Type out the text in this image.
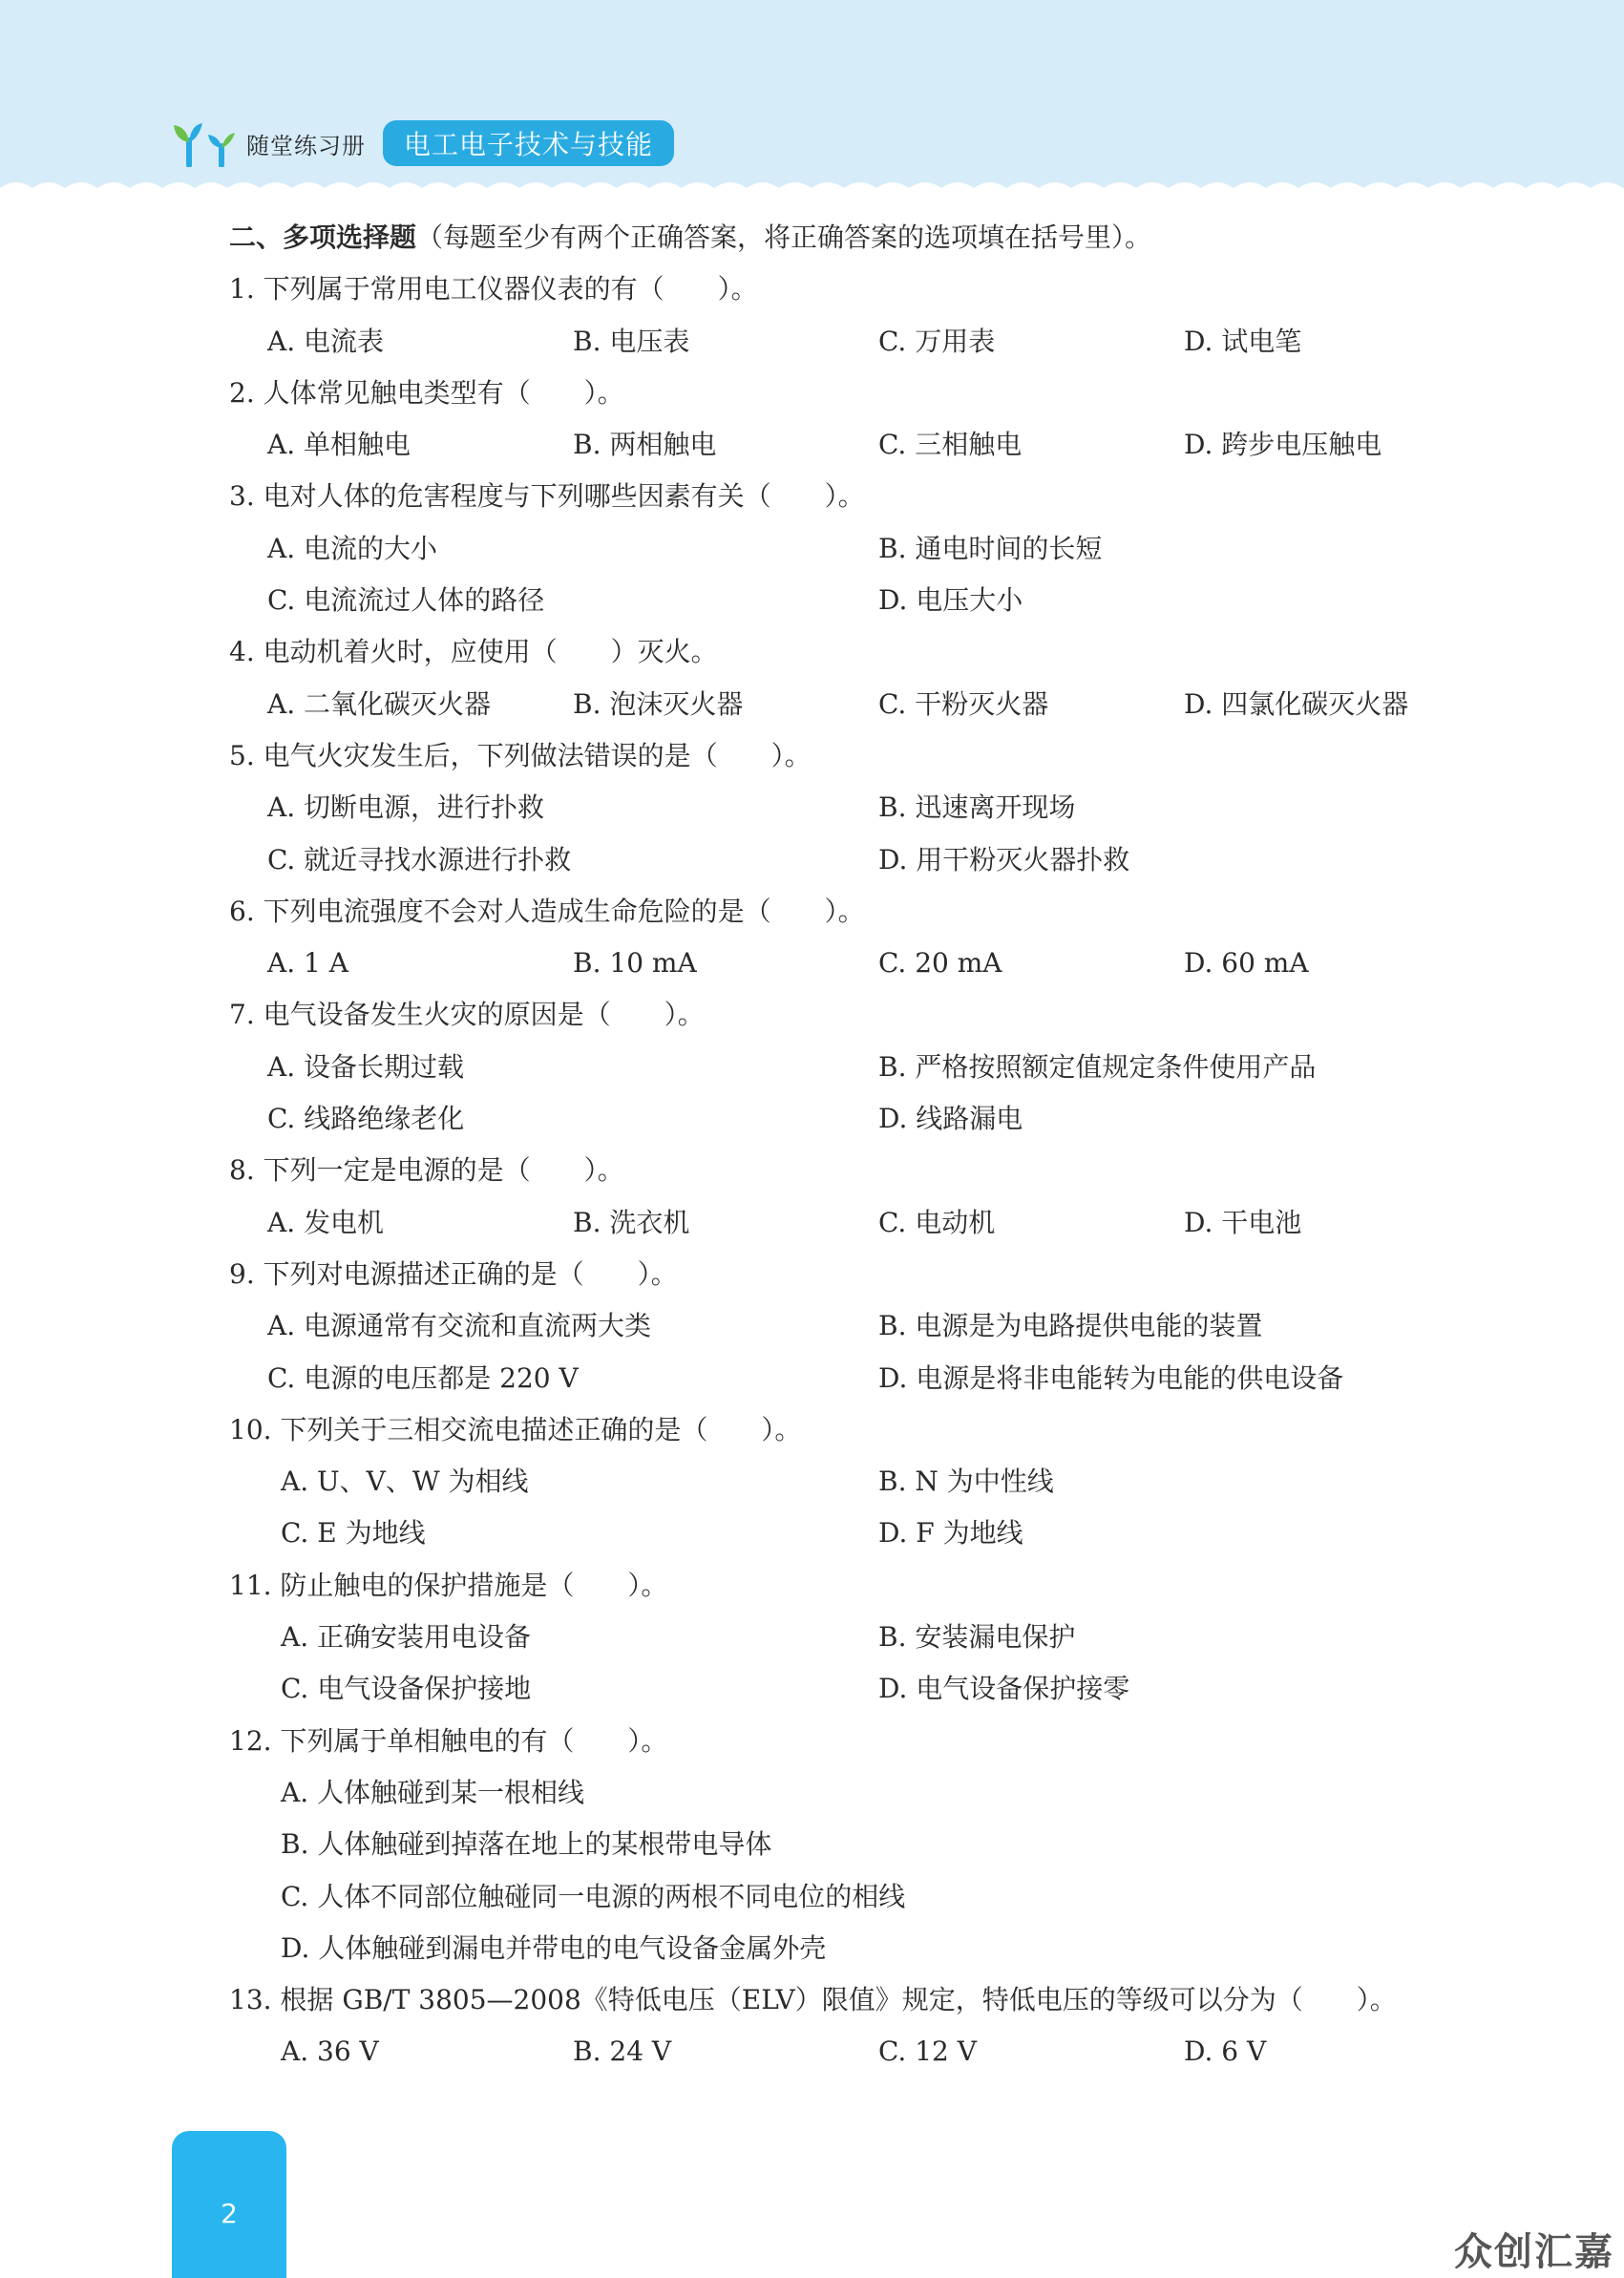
随堂练习册	电工电子技术与技能
二、多项选择题（每题至少有两个正确答案，将正确答案的选项填在括号里）。
1. 下列属于常用电工仪器仪表的有（　　）。
A. 电流表	B. 电压表	C. 万用表	D. 试电笔
2. 人体常见触电类型有（　　）。
A. 单相触电	B. 两相触电	C. 三相触电	D. 跨步电压触电
3. 电对人体的危害程度与下列哪些因素有关（　　）。
A. 电流的大小	B. 通电时间的长短
C. 电流流过人体的路径	D. 电压大小
4. 电动机着火时，应使用（　　）灭火。
A. 二氧化碳灭火器	B. 泡沫灭火器	C. 干粉灭火器	D. 四氯化碳灭火器
5. 电气火灾发生后，下列做法错误的是（　　）。
A. 切断电源，进行扑救	B. 迅速离开现场
C. 就近寻找水源进行扑救	D. 用干粉灭火器扑救
6. 下列电流强度不会对人造成生命危险的是（　　）。
A. 1 A	B. 10 mA	C. 20 mA	D. 60 mA
7. 电气设备发生火灾的原因是（　　）。
A. 设备长期过载	B. 严格按照额定值规定条件使用产品
C. 线路绝缘老化	D. 线路漏电
8. 下列一定是电源的是（　　）。
A. 发电机	B. 洗衣机	C. 电动机	D. 干电池
9. 下列对电源描述正确的是（　　）。
A. 电源通常有交流和直流两大类	B. 电源是为电路提供电能的装置
C. 电源的电压都是 220 V	D. 电源是将非电能转为电能的供电设备
10. 下列关于三相交流电描述正确的是（　　）。
A. U、V、W 为相线	B. N 为中性线
C. E 为地线	D. F 为地线
11. 防止触电的保护措施是（　　）。
A. 正确安装用电设备	B. 安装漏电保护
C. 电气设备保护接地	D. 电气设备保护接零
12. 下列属于单相触电的有（　　）。
A. 人体触碰到某一根相线
B. 人体触碰到掉落在地上的某根带电导体
C. 人体不同部位触碰同一电源的两根不同电位的相线
D. 人体触碰到漏电并带电的电气设备金属外壳
13. 根据 GB/T 3805—2008《特低电压（ELV）限值》规定，特低电压的等级可以分为（　　）。
A. 36 V	B. 24 V	C. 12 V	D. 6 V
2
众创汇嘉
